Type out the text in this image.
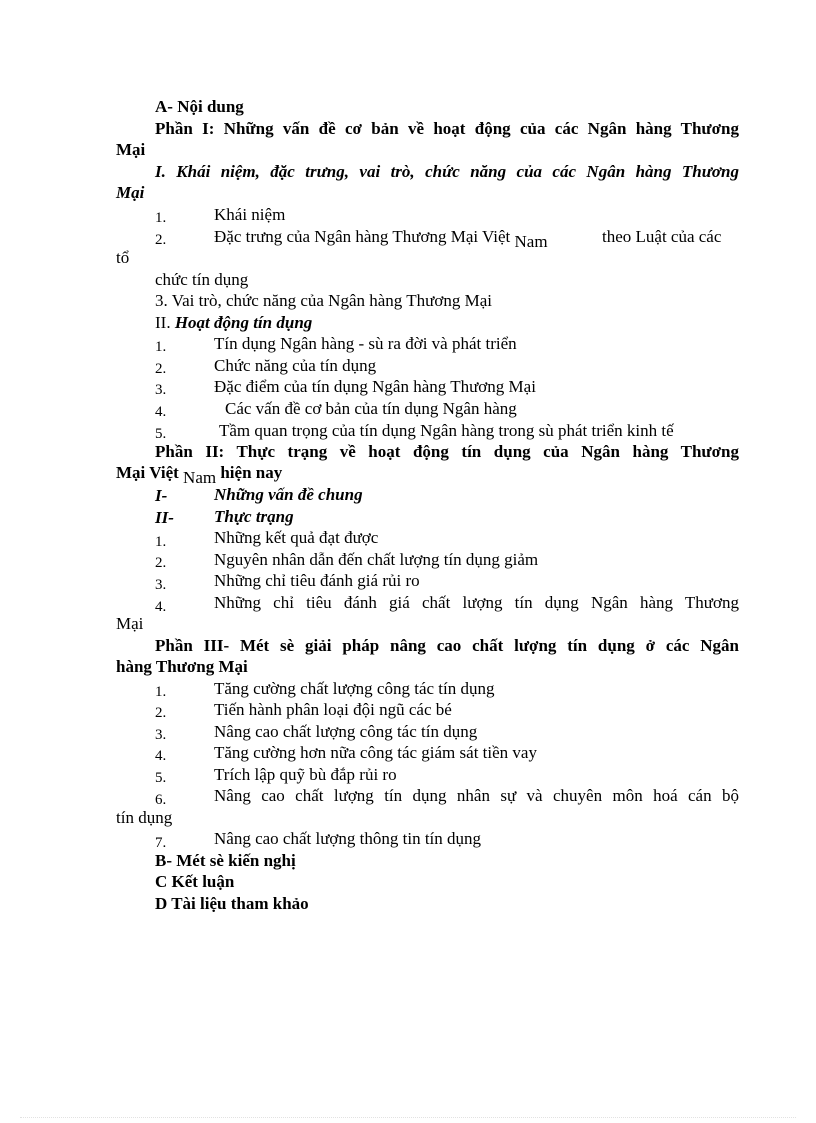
A- Nội dung
Phần I: Những vấn đề cơ bản về hoạt động của các Ngân hàng Thương
Mại
I. Khái niệm, đặc trưng, vai trò, chức năng của các Ngân hàng Thương
Mại
1.	Khái niệm
2.	Đặc trưng của Ngân hàng Thương Mại Việt Nam	theo Luật của các
tổ
chức tín dụng
3. Vai trò, chức năng của Ngân hàng Thương Mại
II. Hoạt động tín dụng
1.	Tín dụng Ngân hàng - sù ra đời và phát triển
2.	Chức năng của tín dụng
3.	Đặc điểm của tín dụng Ngân hàng Thương Mại
4.	Các vấn đề cơ bản của tín dụng Ngân hàng
5.	Tầm quan trọng của tín dụng Ngân hàng trong sù phát triển kinh tế
Phần II: Thực trạng về hoạt động tín dụng của Ngân hàng Thương
Mại Việt Nam hiện nay
I-	Những vấn đề chung
II- Thực trạng
1.	Những kết quả đạt được
2.	Nguyên nhân dẫn đến chất lượng tín dụng giảm
3.	Những chỉ tiêu đánh giá rủi ro
4.	Những chỉ tiêu đánh giá chất lượng tín dụng Ngân hàng Thương
Mại
Phần III- Mét sè giải pháp nâng cao chất lượng tín dụng ở các Ngân
hàng Thương Mại
1.	Tăng cường chất lượng công tác tín dụng
2.	Tiến hành phân loại đội ngũ các bé
3.	Nâng cao chất lượng công tác tín dụng
4.	Tăng cường hơn nữa công tác giám sát tiền vay
5.	Trích lập quỹ bù đắp rủi ro
6.	Nâng cao chất lượng tín dụng nhân sự và chuyên môn hoá cán bộ
tín dụng
7.	Nâng cao chất lượng thông tin tín dụng
B- Mét sè kiến nghị
C Kết luận
D Tài liệu tham khảo
